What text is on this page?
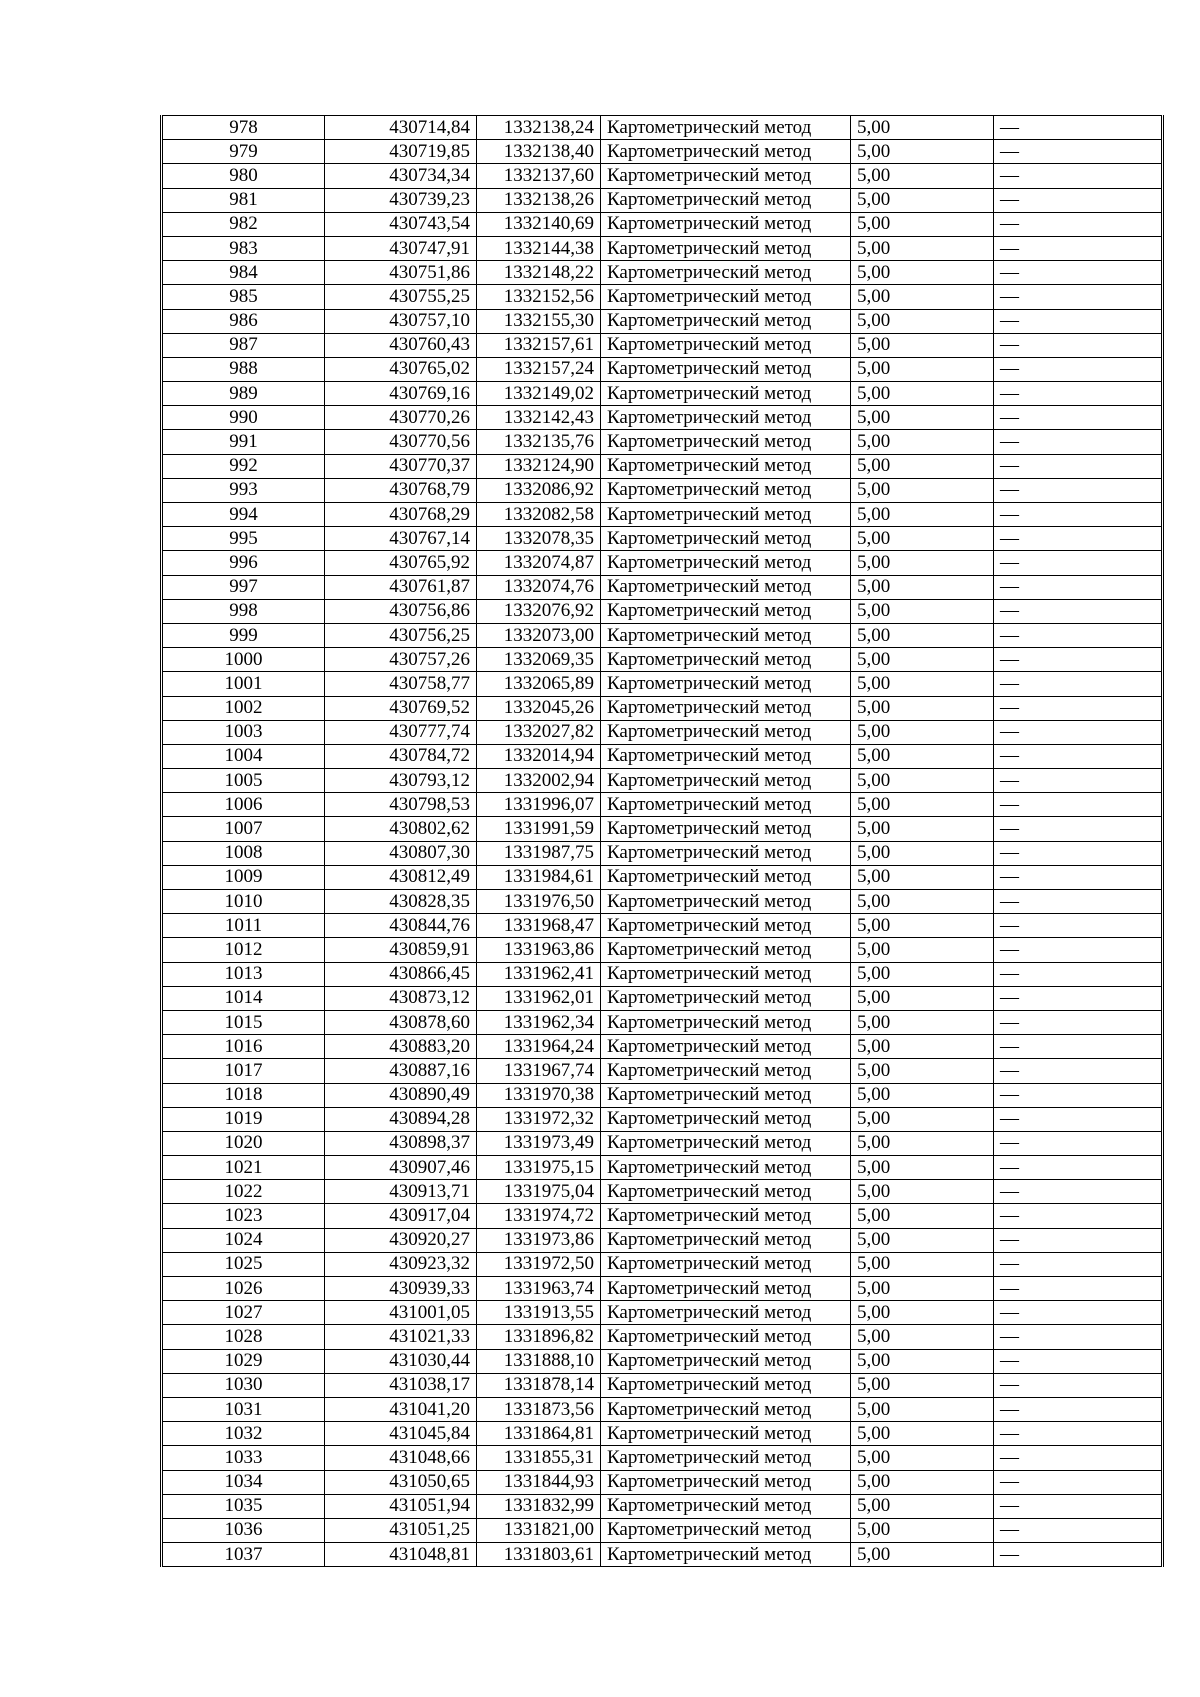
978	430714,84	1332138,24	Картометрический метод	5,00	—
979	430719,85	1332138,40	Картометрический метод	5,00	—
980	430734,34	1332137,60	Картометрический метод	5,00	—
981	430739,23	1332138,26	Картометрический метод	5,00	—
982	430743,54	1332140,69	Картометрический метод	5,00	—
983	430747,91	1332144,38	Картометрический метод	5,00	—
984	430751,86	1332148,22	Картометрический метод	5,00	—
985	430755,25	1332152,56	Картометрический метод	5,00	—
986	430757,10	1332155,30	Картометрический метод	5,00	—
987	430760,43	1332157,61	Картометрический метод	5,00	—
988	430765,02	1332157,24	Картометрический метод	5,00	—
989	430769,16	1332149,02	Картометрический метод	5,00	—
990	430770,26	1332142,43	Картометрический метод	5,00	—
991	430770,56	1332135,76	Картометрический метод	5,00	—
992	430770,37	1332124,90	Картометрический метод	5,00	—
993	430768,79	1332086,92	Картометрический метод	5,00	—
994	430768,29	1332082,58	Картометрический метод	5,00	—
995	430767,14	1332078,35	Картометрический метод	5,00	—
996	430765,92	1332074,87	Картометрический метод	5,00	—
997	430761,87	1332074,76	Картометрический метод	5,00	—
998	430756,86	1332076,92	Картометрический метод	5,00	—
999	430756,25	1332073,00	Картометрический метод	5,00	—
1000	430757,26	1332069,35	Картометрический метод	5,00	—
1001	430758,77	1332065,89	Картометрический метод	5,00	—
1002	430769,52	1332045,26	Картометрический метод	5,00	—
1003	430777,74	1332027,82	Картометрический метод	5,00	—
1004	430784,72	1332014,94	Картометрический метод	5,00	—
1005	430793,12	1332002,94	Картометрический метод	5,00	—
1006	430798,53	1331996,07	Картометрический метод	5,00	—
1007	430802,62	1331991,59	Картометрический метод	5,00	—
1008	430807,30	1331987,75	Картометрический метод	5,00	—
1009	430812,49	1331984,61	Картометрический метод	5,00	—
1010	430828,35	1331976,50	Картометрический метод	5,00	—
1011	430844,76	1331968,47	Картометрический метод	5,00	—
1012	430859,91	1331963,86	Картометрический метод	5,00	—
1013	430866,45	1331962,41	Картометрический метод	5,00	—
1014	430873,12	1331962,01	Картометрический метод	5,00	—
1015	430878,60	1331962,34	Картометрический метод	5,00	—
1016	430883,20	1331964,24	Картометрический метод	5,00	—
1017	430887,16	1331967,74	Картометрический метод	5,00	—
1018	430890,49	1331970,38	Картометрический метод	5,00	—
1019	430894,28	1331972,32	Картометрический метод	5,00	—
1020	430898,37	1331973,49	Картометрический метод	5,00	—
1021	430907,46	1331975,15	Картометрический метод	5,00	—
1022	430913,71	1331975,04	Картометрический метод	5,00	—
1023	430917,04	1331974,72	Картометрический метод	5,00	—
1024	430920,27	1331973,86	Картометрический метод	5,00	—
1025	430923,32	1331972,50	Картометрический метод	5,00	—
1026	430939,33	1331963,74	Картометрический метод	5,00	—
1027	431001,05	1331913,55	Картометрический метод	5,00	—
1028	431021,33	1331896,82	Картометрический метод	5,00	—
1029	431030,44	1331888,10	Картометрический метод	5,00	—
1030	431038,17	1331878,14	Картометрический метод	5,00	—
1031	431041,20	1331873,56	Картометрический метод	5,00	—
1032	431045,84	1331864,81	Картометрический метод	5,00	—
1033	431048,66	1331855,31	Картометрический метод	5,00	—
1034	431050,65	1331844,93	Картометрический метод	5,00	—
1035	431051,94	1331832,99	Картометрический метод	5,00	—
1036	431051,25	1331821,00	Картометрический метод	5,00	—
1037	431048,81	1331803,61	Картометрический метод	5,00	—
